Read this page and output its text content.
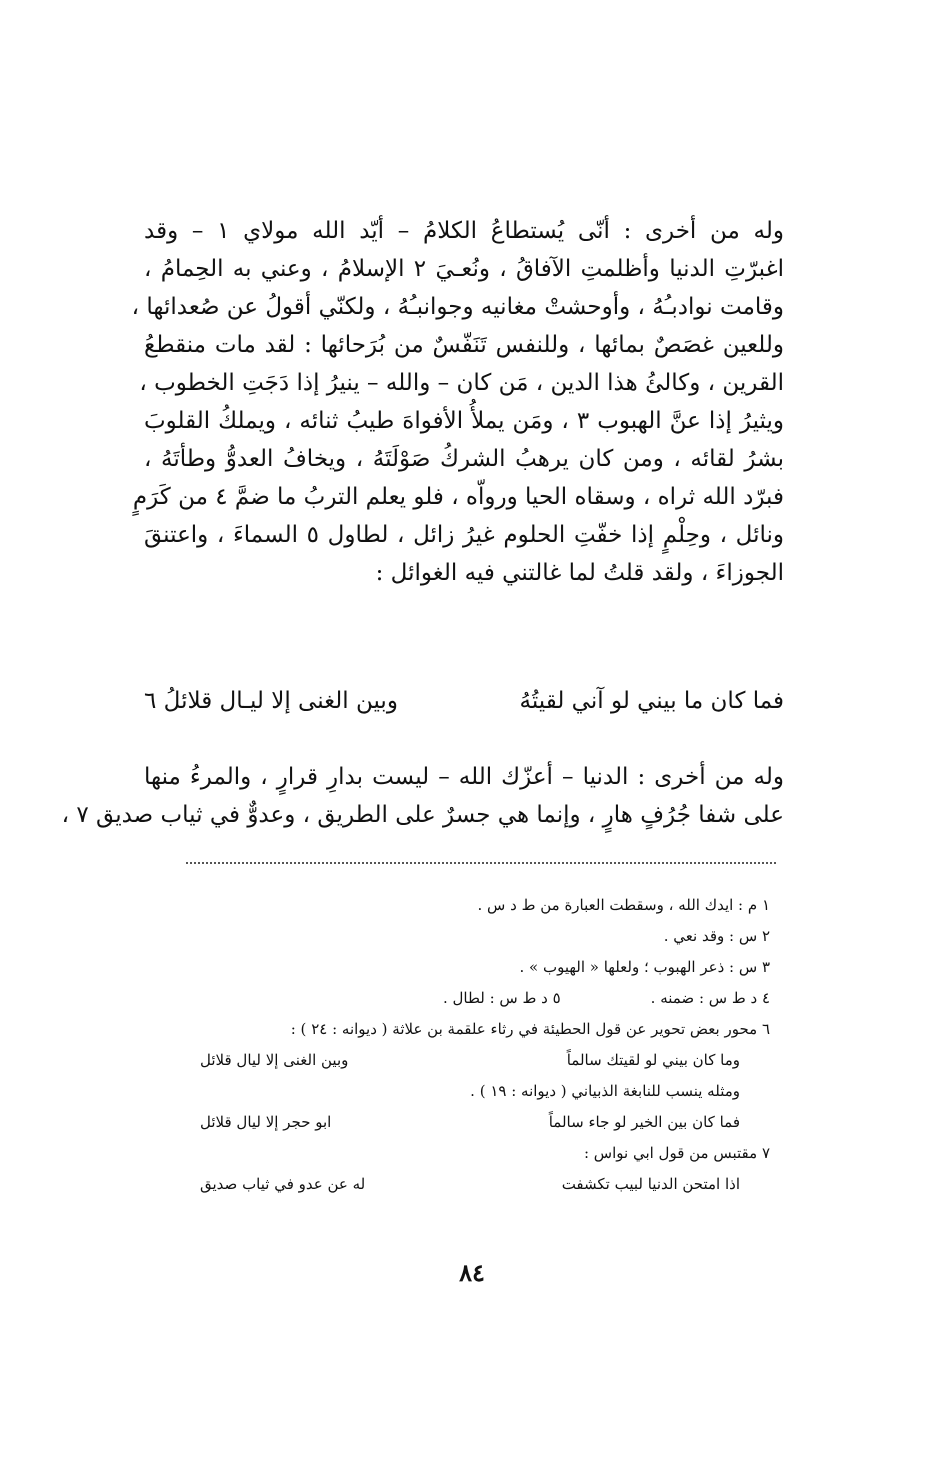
وله من أخرى : أنّى يُستطاعُ الكلامُ – أيّد الله مولاي ١ – وقد
اغبرّتِ الدنيا وأظلمتِ الآفاقُ ، ونُعـيَ ٢ الإسلامُ ، وعني به الحِمامُ ،
وقامت نوادبـُهُ ، وأوحشتْ مغانيه وجوانبـُهُ ، ولكنّي أقولُ عن صُعدائها ،
وللعين غصَصٌ بمائها ، وللنفس تَنَفّسٌ من بُرَحائها : لقد مات منقطعُ
القرين ، وكالئُ هذا الدين ، مَن كان – والله – ينيرُ إذا دَجَتِ الخطوب ،
ويثيرُ إذا عنَّ الهبوب ٣ ، ومَن يملأُ الأفواهَ طيبُ ثنائه ، ويملكُ القلوبَ
بشرُ لقائه ، ومن كان يرهبُ الشركُ صَوْلَتَهُ ، ويخافُ العدوُّ وطأتَهُ ،
فبرّد الله ثراه ، وسقاه الحيا ورواّه ، فلو يعلم التربُ ما ضمَّ ٤ من كَرَمٍ
ونائل ، وحِلْمٍ إذا خفّتِ الحلوم غيرُ زائل ، لطاول ٥ السماءَ ، واعتنقَ
الجوزاءَ ، ولقد قلتُ لما غالتني فيه الغوائل :
فما كان ما بيني لو آني لقيتُهُ
وبين الغنى إلا ليـال قلائلُ ٦
وله من أخرى : الدنيا – أعزّك الله – ليست بدارِ قرارٍ ، والمرءُ منها
على شفا جُرُفٍ هارٍ ، وإنما هي جسرٌ على الطريق ، وعدوٌّ في ثياب صديق ٧ ،
١ م : ايدك الله ، وسقطت العبارة من ط د س .
٢ س : وقد نعي .
٣ س : ذعر الهبوب ؛ ولعلها « الهيوب » .
٤ د ط س : ضمنه .
٥ د ط س : لطال .
٦ محور بعض تحوير عن قول الحطيئة في رثاء علقمة بن علاثة ( ديوانه : ٢٤ ) :
وما كان بيني لو لقيتك سالماً
وبين الغنى إلا ليال قلائل
ومثله ينسب للنابغة الذبياني ( ديوانه : ١٩ ) .
فما كان بين الخير لو جاء سالماً
ابو حجر إلا ليال قلائل
٧ مقتبس من قول ابي نواس :
اذا امتحن الدنيا لبيب تكشفت
له عن عدو في ثياب صديق
٨٤
